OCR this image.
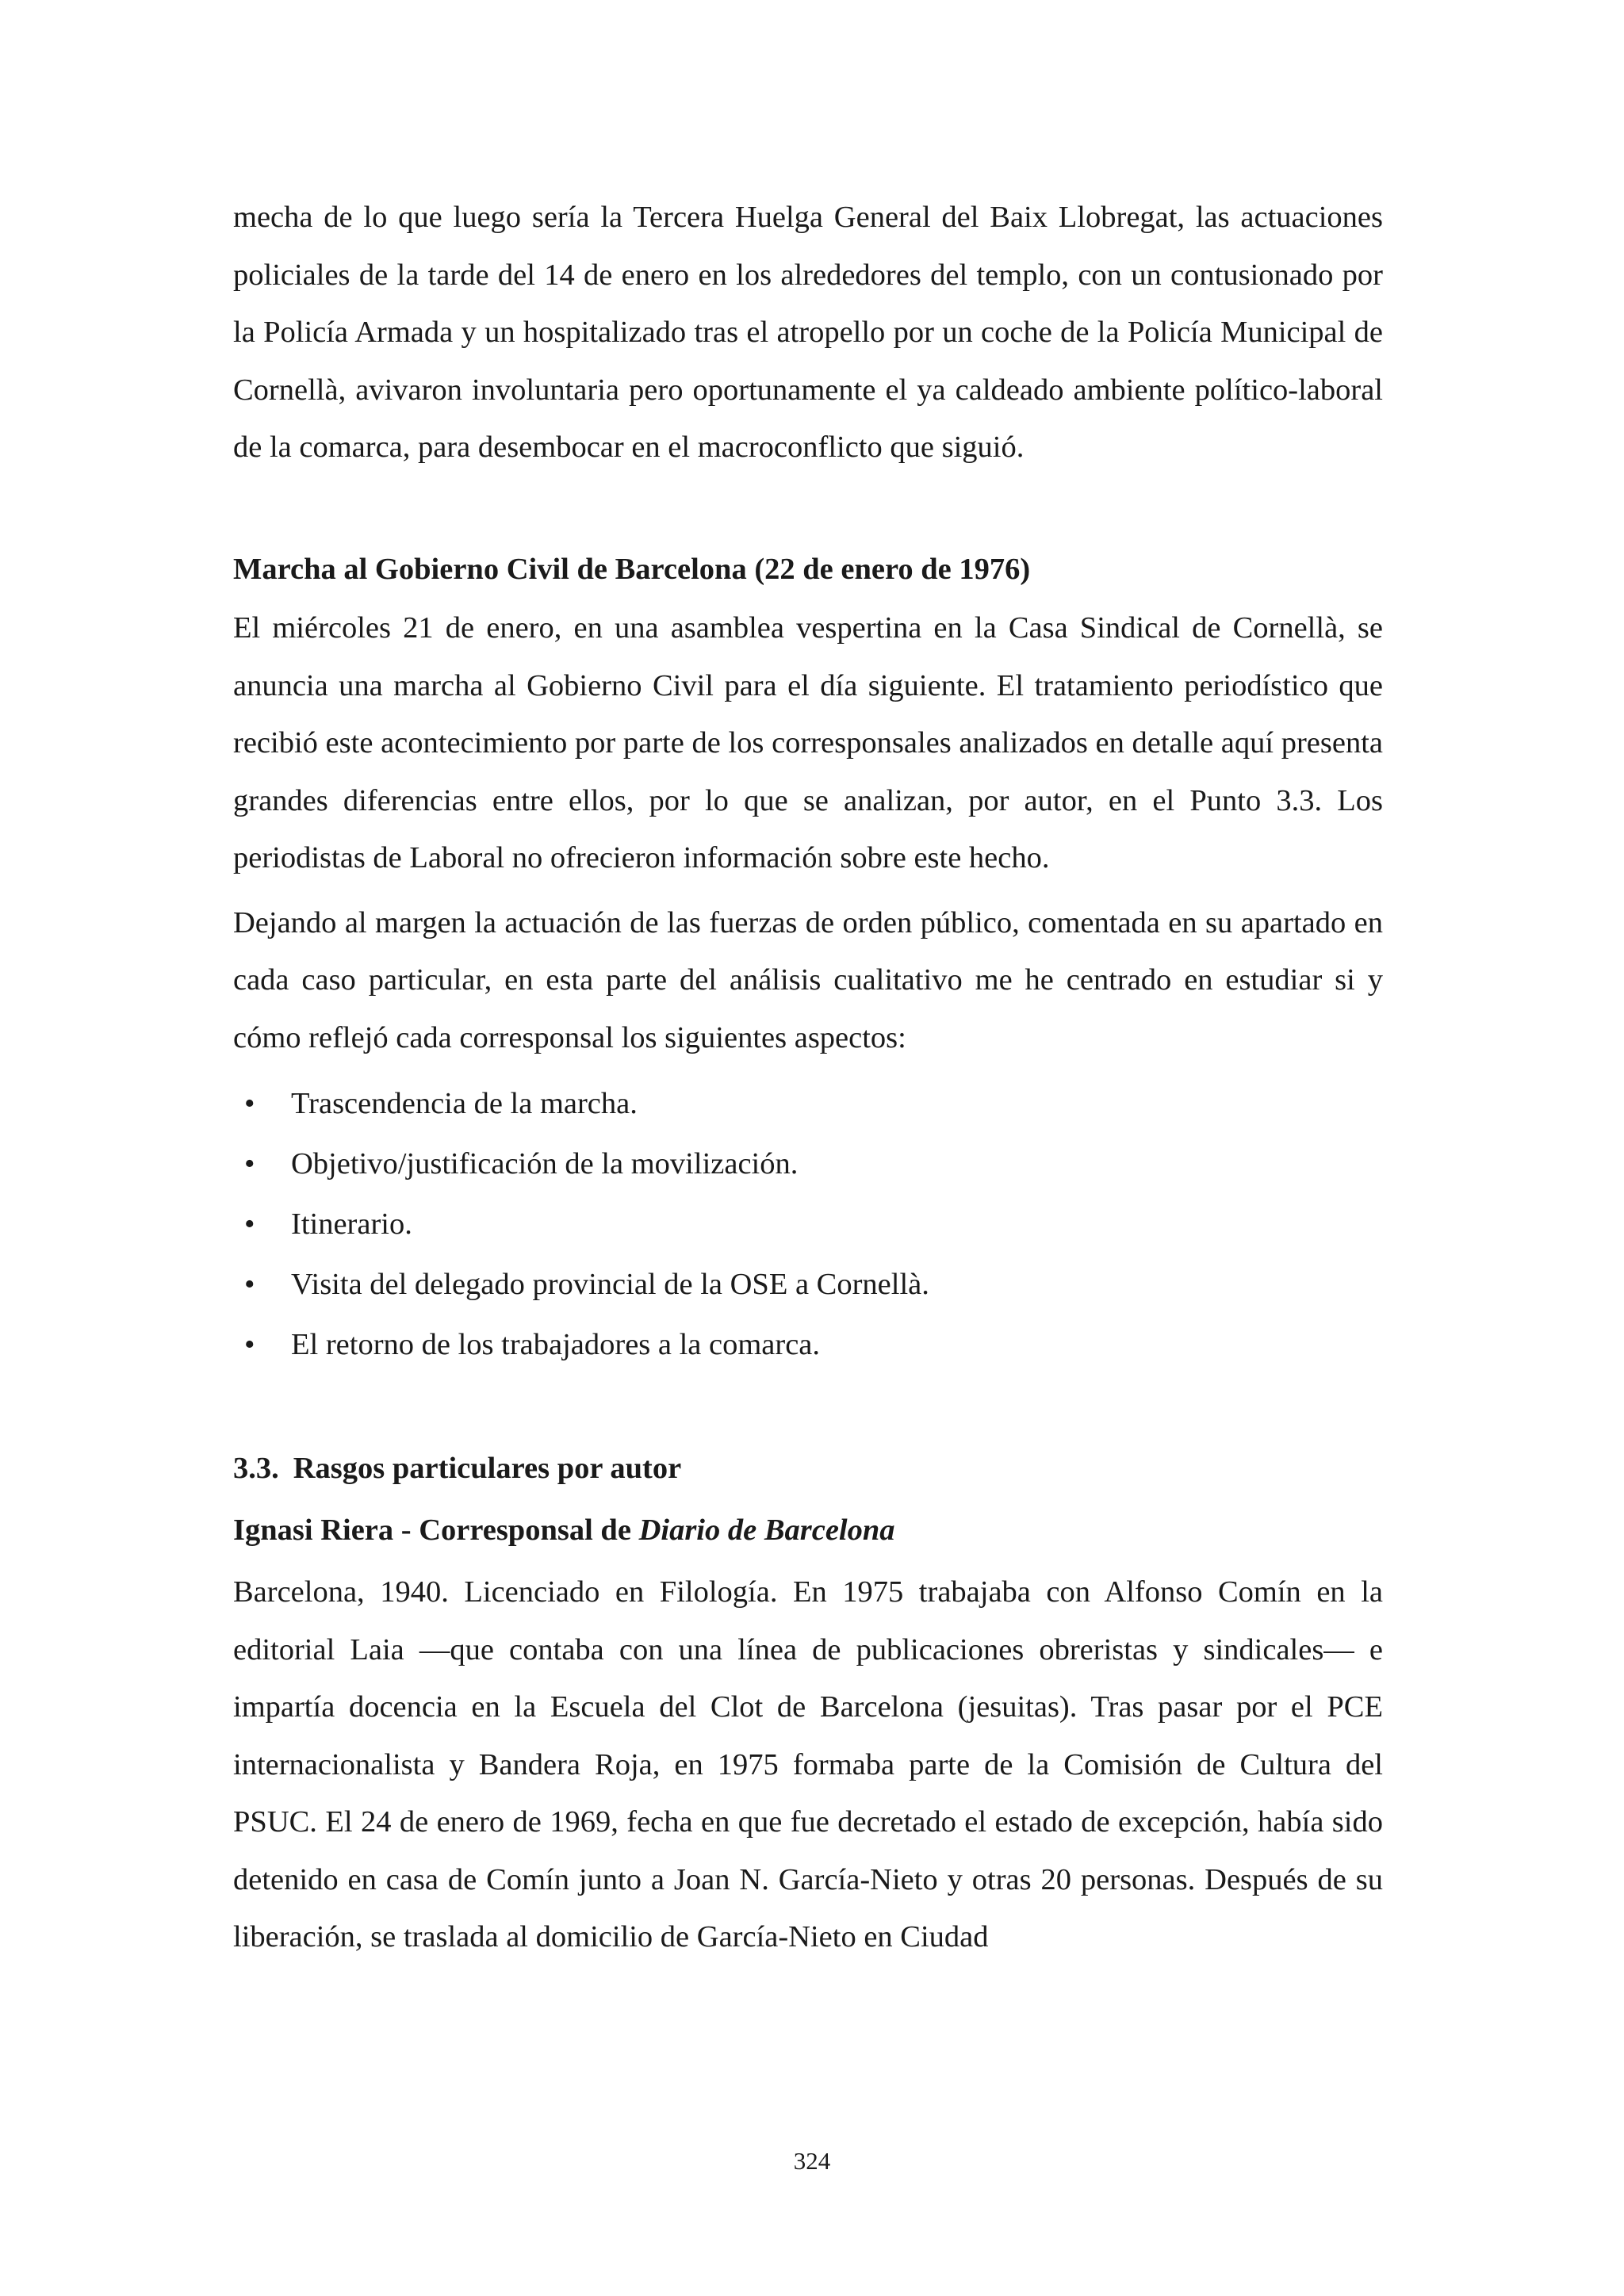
mecha de lo que luego sería la Tercera Huelga General del Baix Llobregat, las actuaciones policiales de la tarde del 14 de enero en los alrededores del templo, con un contusionado por la Policía Armada y un hospitalizado tras el atropello por un coche de la Policía Municipal de Cornellà, avivaron involuntaria pero oportunamente el ya caldeado ambiente político-laboral de la comarca, para desembocar en el macroconflicto que siguió.

Marcha al Gobierno Civil de Barcelona (22 de enero de 1976)

El miércoles 21 de enero, en una asamblea vespertina en la Casa Sindical de Cornellà, se anuncia una marcha al Gobierno Civil para el día siguiente. El tratamiento periodístico que recibió este acontecimiento por parte de los corresponsales analizados en detalle aquí presenta grandes diferencias entre ellos, por lo que se analizan, por autor, en el Punto 3.3. Los periodistas de Laboral no ofrecieron información sobre este hecho.

Dejando al margen la actuación de las fuerzas de orden público, comentada en su apartado en cada caso particular, en esta parte del análisis cualitativo me he centrado en estudiar si y cómo reflejó cada corresponsal los siguientes aspectos:

• Trascendencia de la marcha.
• Objetivo/justificación de la movilización.
• Itinerario.
• Visita del delegado provincial de la OSE a Cornellà.
• El retorno de los trabajadores a la comarca.
3.3. Rasgos particulares por autor
Ignasi Riera - Corresponsal de Diario de Barcelona

Barcelona, 1940. Licenciado en Filología. En 1975 trabajaba con Alfonso Comín en la editorial Laia —que contaba con una línea de publicaciones obreristas y sindicales— e impartía docencia en la Escuela del Clot de Barcelona (jesuitas). Tras pasar por el PCE internacionalista y Bandera Roja, en 1975 formaba parte de la Comisión de Cultura del PSUC. El 24 de enero de 1969, fecha en que fue decretado el estado de excepción, había sido detenido en casa de Comín junto a Joan N. García-Nieto y otras 20 personas. Después de su liberación, se traslada al domicilio de García-Nieto en Ciudad

324
